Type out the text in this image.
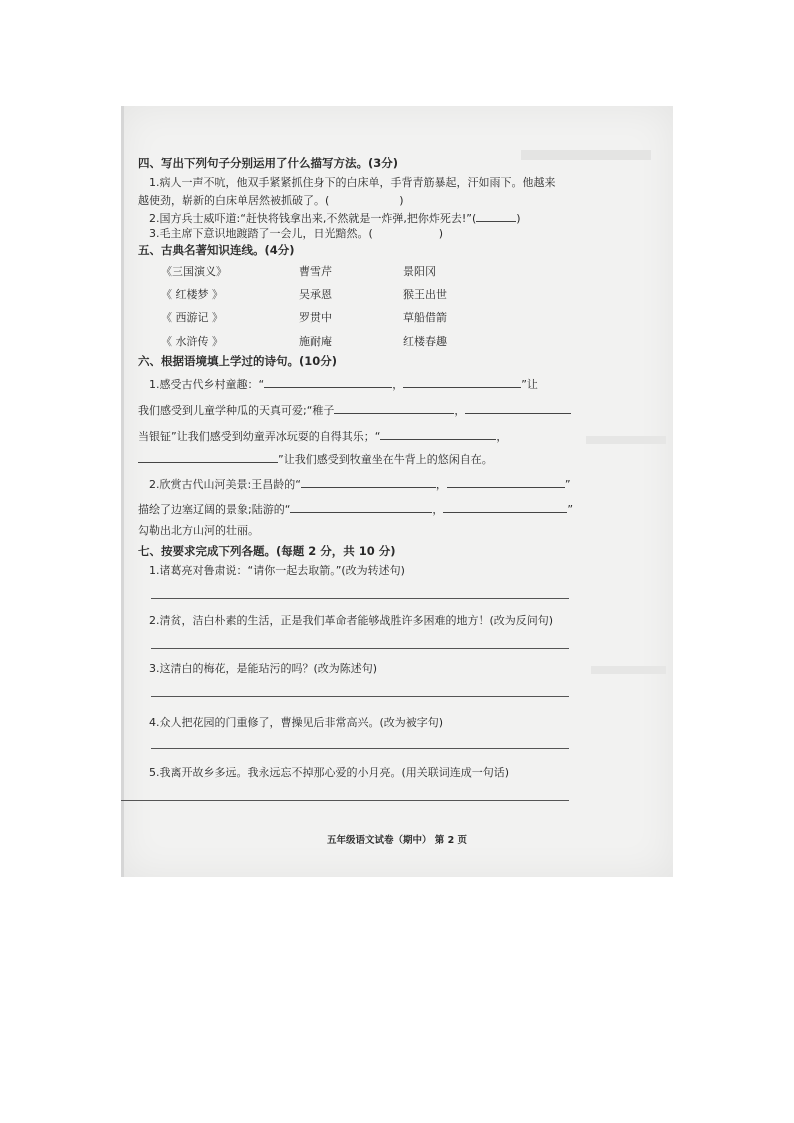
四、写出下列句子分别运用了什么描写方法。(3分)
1.病人一声不吭，他双手紧紧抓住身下的白床单，手背青筋暴起，汗如雨下。他越来
越使劲，崭新的白床单居然被抓破了。(	)
2.国方兵士威吓道:“赶快将钱拿出来,不然就是一炸弹,把你炸死去!”(	)
3.毛主席下意识地踱踏了一会儿，日光黯然。(	)
五、古典名著知识连线。(4分)
《三国演义》	曹雪芹	景阳冈
《 红楼梦 》	吴承恩	猴王出世
《 西游记 》	罗贯中	草船借箭
《 水浒传 》	施耐庵	红楼春趣
六、根据语境填上学过的诗句。(10分)
1.感受古代乡村童趣：“	，	”让
我们感受到儿童学种瓜的天真可爱;“稚子	，
当银钲”让我们感受到幼童弄冰玩耍的自得其乐；“	，
”让我们感受到牧童坐在牛背上的悠闲自在。
2.欣赏古代山河美景:王昌龄的“	，	”
描绘了边塞辽阔的景象;陆游的“	，	”
勾勒出北方山河的壮丽。
七、按要求完成下列各题。(每题 2 分，共 10 分)
1.诸葛亮对鲁肃说：“请你一起去取箭。”(改为转述句)
2.清贫，洁白朴素的生活，正是我们革命者能够战胜许多困难的地方！(改为反问句)
3.这清白的梅花，是能玷污的吗？(改为陈述句)
4.众人把花园的门重修了，曹操见后非常高兴。(改为被字句)
5.我离开故乡多远。我永远忘不掉那心爱的小月亮。(用关联词连成一句话)
五年级语文试卷（期中） 第 2 页
